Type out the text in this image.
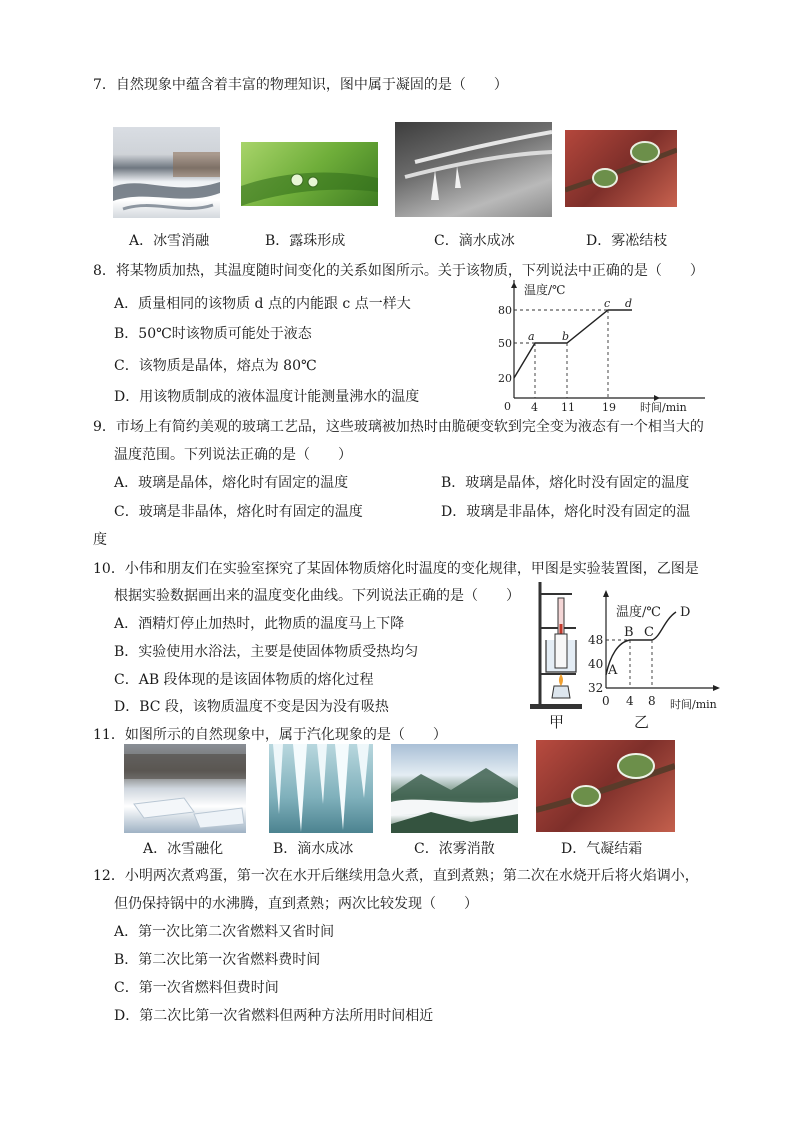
7．自然现象中蕴含着丰富的物理知识，图中属于凝固的是（　　）
A．冰雪消融	B．露珠形成	C．滴水成冰	D．雾凇结枝
8．将某物质加热，其温度随时间变化的关系如图所示。关于该物质，下列说法中正确的是（　　）
A．质量相同的该物质 d 点的内能跟 c 点一样大
B．50℃时该物质可能处于液态
C．该物质是晶体，熔点为 80℃
D．用该物质制成的液体温度计能测量沸水的温度
温度/℃
80
50
20
0 4 11 19 时间/min
a b
c d
9．市场上有简约美观的玻璃工艺品，这些玻璃被加热时由脆硬变软到完全变为液态有一个相当大的
温度范围。下列说法正确的是（　　）
A．玻璃是晶体，熔化时有固定的温度	B．玻璃是晶体，熔化时没有固定的温度
C．玻璃是非晶体，熔化时有固定的温度	D．玻璃是非晶体，熔化时没有固定的温
度
10．小伟和朋友们在实验室探究了某固体物质熔化时温度的变化规律，甲图是实验装置图，乙图是
根据实验数据画出来的温度变化曲线。下列说法正确的是（　　）
A．酒精灯停止加热时，此物质的温度马上下降
B．实验使用水浴法，主要是使固体物质受热均匀
C．AB 段体现的是该固体物质的熔化过程
D．BC 段，该物质温度不变是因为没有吸热
甲
温度/℃
48
40
32
0 4 8 时间/min
A
B C
D
乙
11．如图所示的自然现象中，属于汽化现象的是（　　）
A．冰雪融化	B．滴水成冰	C．浓雾消散	D．气凝结霜
12．小明两次煮鸡蛋，第一次在水开后继续用急火煮，直到煮熟；第二次在水烧开后将火焰调小，
但仍保持锅中的水沸腾，直到煮熟；两次比较发现（　　）
A．第一次比第二次省燃料又省时间
B．第二次比第一次省燃料费时间
C．第一次省燃料但费时间
D．第二次比第一次省燃料但两种方法所用时间相近
